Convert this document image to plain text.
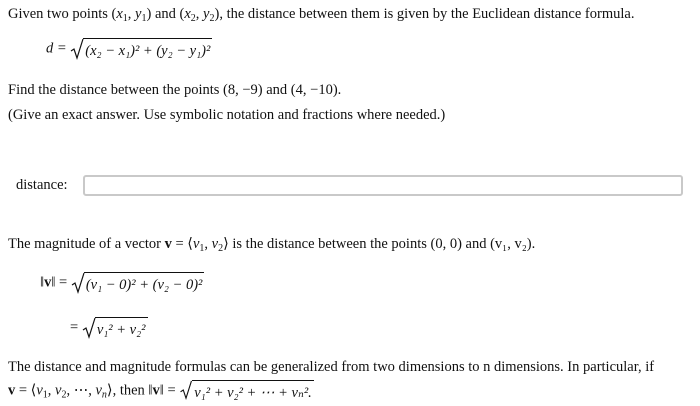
Given two points ($x_1$, $y_1$) and ($x_2$, $y_2$), the distance between them is given by the Euclidean distance formula.
d = (x₂ − x₁)² + (y₂ − y₁)²
Find the distance between the points (8, −9) and (4, −10).
(Give an exact answer. Use symbolic notation and fractions where needed.)
distance:
The magnitude of a vector $v = ⟨v_1$, $v_2⟩$ is the distance between the points (0, 0) and (v₁, v₂).
‖v‖ = (v₁ − 0)² + (v₂ − 0)²
= v₁² + v₂²
The distance and magnitude formulas can be generalized from two dimensions to n dimensions. In particular, if
$v = ⟨v_1$, $v_2$, ⋯, $v_n⟩$, then ‖v‖ = v₁² + v₂² + ⋯ + vₙ².
